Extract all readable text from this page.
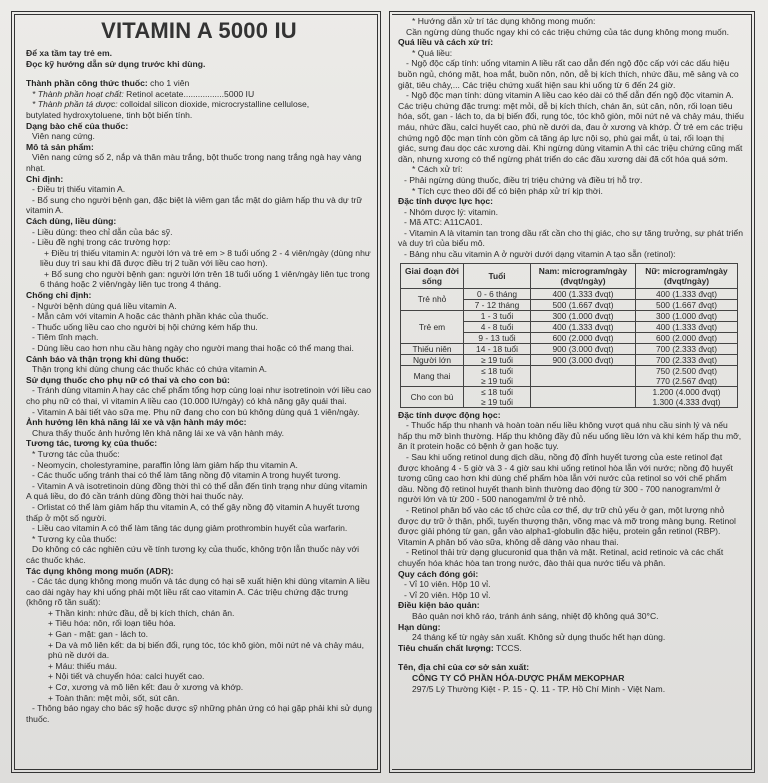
VITAMIN A 5000 IU

Để xa tầm tay trẻ em.

Đọc kỹ hướng dẫn sử dụng trước khi dùng.

Thành phần công thức thuốc: cho 1 viên

* Thành phần hoạt chất: Retinol acetate.................5000 IU

* Thành phần tá dược: colloidal silicon dioxide, microcrystalline cellulose,

butylated hydroxytoluene, tinh bột biến tính.

Dạng bào chế của thuốc:

Viên nang cứng.

Mô tả sản phẩm:

Viên nang cứng số 2, nắp và thân màu trắng, bột thuốc trong nang trắng ngà hay vàng nhạt.

Chỉ định:

- Điều trị thiếu vitamin A.

- Bổ sung cho người bệnh gan, đặc biệt là viêm gan tắc mật do giảm hấp thu và dự trữ vitamin A.

Cách dùng, liều dùng:

- Liều dùng: theo chỉ dẫn của bác sỹ.

- Liều đề nghị trong các trường hợp:

+ Điều trị thiếu vitamin A: người lớn và trẻ em > 8 tuổi uống 2 - 4 viên/ngày (dùng như liều duy trì sau khi đã được điều trị 2 tuần với liều cao hơn).

+ Bổ sung cho người bệnh gan: người lớn trên 18 tuổi uống 1 viên/ngày liên tục trong 6 tháng hoặc 2 viên/ngày liên tục trong 4 tháng.

Chống chỉ định:

- Người bệnh dùng quá liều vitamin A.

- Mẫn cảm với vitamin A hoặc các thành phần khác của thuốc.

- Thuốc uống liều cao cho người bị hội chứng kém hấp thu.

- Tiêm tĩnh mạch.

- Dùng liều cao hơn nhu cầu hàng ngày cho người mang thai hoặc có thể mang thai.

Cảnh báo và thận trọng khi dùng thuốc:

Thận trọng khi dùng chung các thuốc khác có chứa vitamin A.

Sử dụng thuốc cho phụ nữ có thai và cho con bú:

- Tránh dùng vitamin A hay các chế phẩm tổng hợp cùng loại như isotretinoin với liều cao cho phụ nữ có thai, vì vitamin A liều cao (10.000 IU/ngày) có khả năng gây quái thai.

- Vitamin A bài tiết vào sữa mẹ. Phụ nữ đang cho con bú không dùng quá 1 viên/ngày.

Ảnh hưởng lên khả năng lái xe và vận hành máy móc:

Chưa thấy thuốc ảnh hưởng lên khả năng lái xe và vận hành máy.

Tương tác, tương kỵ của thuốc:

* Tương tác của thuốc:

- Neomycin, cholestyramine, paraffin lỏng làm giảm hấp thu vitamin A.

- Các thuốc uống tránh thai có thể làm tăng nồng độ vitamin A trong huyết tương.

- Vitamin A và isotretinoin dùng đồng thời thì có thể dẫn đến tình trạng như dùng vitamin A quá liều, do đó cần tránh dùng đồng thời hai thuốc này.

- Orlistat có thể làm giảm hấp thu vitamin A, có thể gây nồng độ vitamin A huyết tương thấp ở một số người.

- Liều cao vitamin A có thể làm tăng tác dụng giảm prothrombin huyết của warfarin.

* Tương kỵ của thuốc:

Do không có các nghiên cứu về tính tương kỵ của thuốc, không trộn lẫn thuốc này với các thuốc khác.

Tác dụng không mong muốn (ADR):

- Các tác dụng không mong muốn và tác dụng có hại sẽ xuất hiện khi dùng vitamin A liều cao dài ngày hay khi uống phải một liều rất cao vitamin A. Các triệu chứng đặc trưng (không rõ tần suất):

+ Thần kinh: nhức đầu, dễ bị kích thích, chán ăn.

+ Tiêu hóa: nôn, rối loạn tiêu hóa.

+ Gan - mật: gan - lách to.

+ Da và mô liên kết: da bị biến đổi, rụng tóc, tóc khô giòn, môi nứt nẻ và chảy máu, phù nề dưới da.

+ Máu: thiếu máu.

+ Nội tiết và chuyển hóa: calci huyết cao.

+ Cơ, xương và mô liên kết: đau ở xương và khớp.

+ Toàn thân: mệt mỏi, sốt, sút cân.

- Thông báo ngay cho bác sỹ hoặc dược sỹ những phản ứng có hại gặp phải khi sử dụng thuốc.

* Hướng dẫn xử trí tác dụng không mong muốn:

Cần ngừng dùng thuốc ngay khi có các triệu chứng của tác dụng không mong muốn.

Quá liều và cách xử trí:

* Quá liều:

- Ngộ độc cấp tính: uống vitamin A liều rất cao dẫn đến ngộ độc cấp với các dấu hiệu buồn ngủ, chóng mặt, hoa mắt, buồn nôn, nôn, dễ bị kích thích, nhức đầu, mê sảng và co giật, tiêu chảy,... Các triệu chứng xuất hiện sau khi uống từ 6 đến 24 giờ.

- Ngộ độc mạn tính: dùng vitamin A liều cao kéo dài có thể dẫn đến ngộ độc vitamin A. Các triệu chứng đặc trưng: mệt mỏi, dễ bị kích thích, chán ăn, sút cân, nôn, rối loạn tiêu hóa, sốt, gan - lách to, da bị biến đổi, rụng tóc, tóc khô giòn, môi nứt nẻ và chảy máu, thiếu máu, nhức đầu, calci huyết cao, phù nề dưới da, đau ở xương và khớp. Ở trẻ em các triệu chứng ngộ độc mạn tính còn gồm cả tăng áp lực nội sọ, phù gai mắt, ù tai, rối loạn thị giác, sưng đau dọc các xương dài. Khi ngừng dùng vitamin A thì các triệu chứng cũng mất dần, nhưng xương có thể ngừng phát triển do các đầu xương dài đã cốt hóa quá sớm.

* Cách xử trí:

- Phải ngừng dùng thuốc, điều trị triệu chứng và điều trị hỗ trợ.

* Tích cực theo dõi để có biện pháp xử trí kịp thời.

Đặc tính dược lực học:

- Nhóm dược lý: vitamin.

- Mã ATC: A11CA01.

- Vitamin A là vitamin tan trong dầu rất cần cho thị giác, cho sự tăng trưởng, sự phát triển và duy trì của biểu mô.

- Bảng nhu cầu vitamin A ở người dưới dạng vitamin A tạo sẵn (retinol):

Giai đoạn đời sống	Tuổi	Nam: microgram/ngày (đvqt/ngày)	Nữ: microgram/ngày (đvqt/ngày)
Trẻ nhỏ	0 - 6 tháng	400 (1.333 đvqt)	400 (1.333 đvqt)
	7 - 12 tháng	500 (1.667 đvqt)	500 (1.667 đvqt)
Trẻ em	1 - 3 tuổi	300 (1.000 đvqt)	300 (1.000 đvqt)
	4 - 8 tuổi	400 (1.333 đvqt)	400 (1.333 đvqt)
	9 - 13 tuổi	600 (2.000 đvqt)	600 (2.000 đvqt)
Thiếu niên	14 - 18 tuổi	900 (3.000 đvqt)	700 (2.333 đvqt)
Người lớn	≥ 19 tuổi	900 (3.000 đvqt)	700 (2.333 đvqt)
Mang thai	≤ 18 tuổi		750 (2.500 đvqt)
	≥ 19 tuổi		770 (2.567 đvqt)
Cho con bú	≤ 18 tuổi		1.200 (4.000 đvqt)
	≥ 19 tuổi		1.300 (4.333 đvqt)

Đặc tính dược động học:

- Thuốc hấp thu nhanh và hoàn toàn nếu liều không vượt quá nhu cầu sinh lý và nếu hấp thu mỡ bình thường. Hấp thu không đầy đủ nếu uống liều lớn và khi kém hấp thu mỡ, ăn ít protein hoặc có bệnh ở gan hoặc tụy.

- Sau khi uống retinol dung dịch dầu, nồng độ đỉnh huyết tương của este retinol đạt được khoảng 4 - 5 giờ và 3 - 4 giờ sau khi uống retinol hòa lẫn với nước; nồng độ huyết tương cũng cao hơn khi dùng chế phẩm hòa lẫn với nước của retinol so với chế phẩm dầu. Nồng độ retinol huyết thanh bình thường dao động từ 300 - 700 nanogram/ml ở người lớn và từ 200 - 500 nanogam/ml ở trẻ nhỏ.

- Retinol phân bố vào các tổ chức của cơ thể, dự trữ chủ yếu ở gan, một lượng nhỏ được dự trữ ở thận, phổi, tuyến thượng thận, võng mạc và mỡ trong màng bụng. Retinol được giải phóng từ gan, gắn vào alpha1-globulin đặc hiệu, protein gắn retinol (RBP). Vitamin A phân bố vào sữa, không dễ dàng vào nhau thai.

- Retinol thải trừ dạng glucuronid qua thận và mật. Retinal, acid retinoic và các chất chuyển hóa khác hòa tan trong nước, đào thải qua nước tiểu và phân.

Quy cách đóng gói:

- Vỉ 10 viên. Hộp 10 vỉ.

- Vỉ 20 viên. Hộp 10 vỉ.

Điều kiện bảo quản:

Bảo quản nơi khô ráo, tránh ánh sáng, nhiệt độ không quá 30°C.

Hạn dùng:

24 tháng kể từ ngày sản xuất. Không sử dụng thuốc hết hạn dùng.

Tiêu chuẩn chất lượng: TCCS.

Tên, địa chỉ của cơ sở sản xuất:

CÔNG TY CỔ PHẦN HÓA-DƯỢC PHẨM MEKOPHAR

297/5 Lý Thường Kiệt - P. 15 - Q. 11 - TP. Hồ Chí Minh - Việt Nam.
